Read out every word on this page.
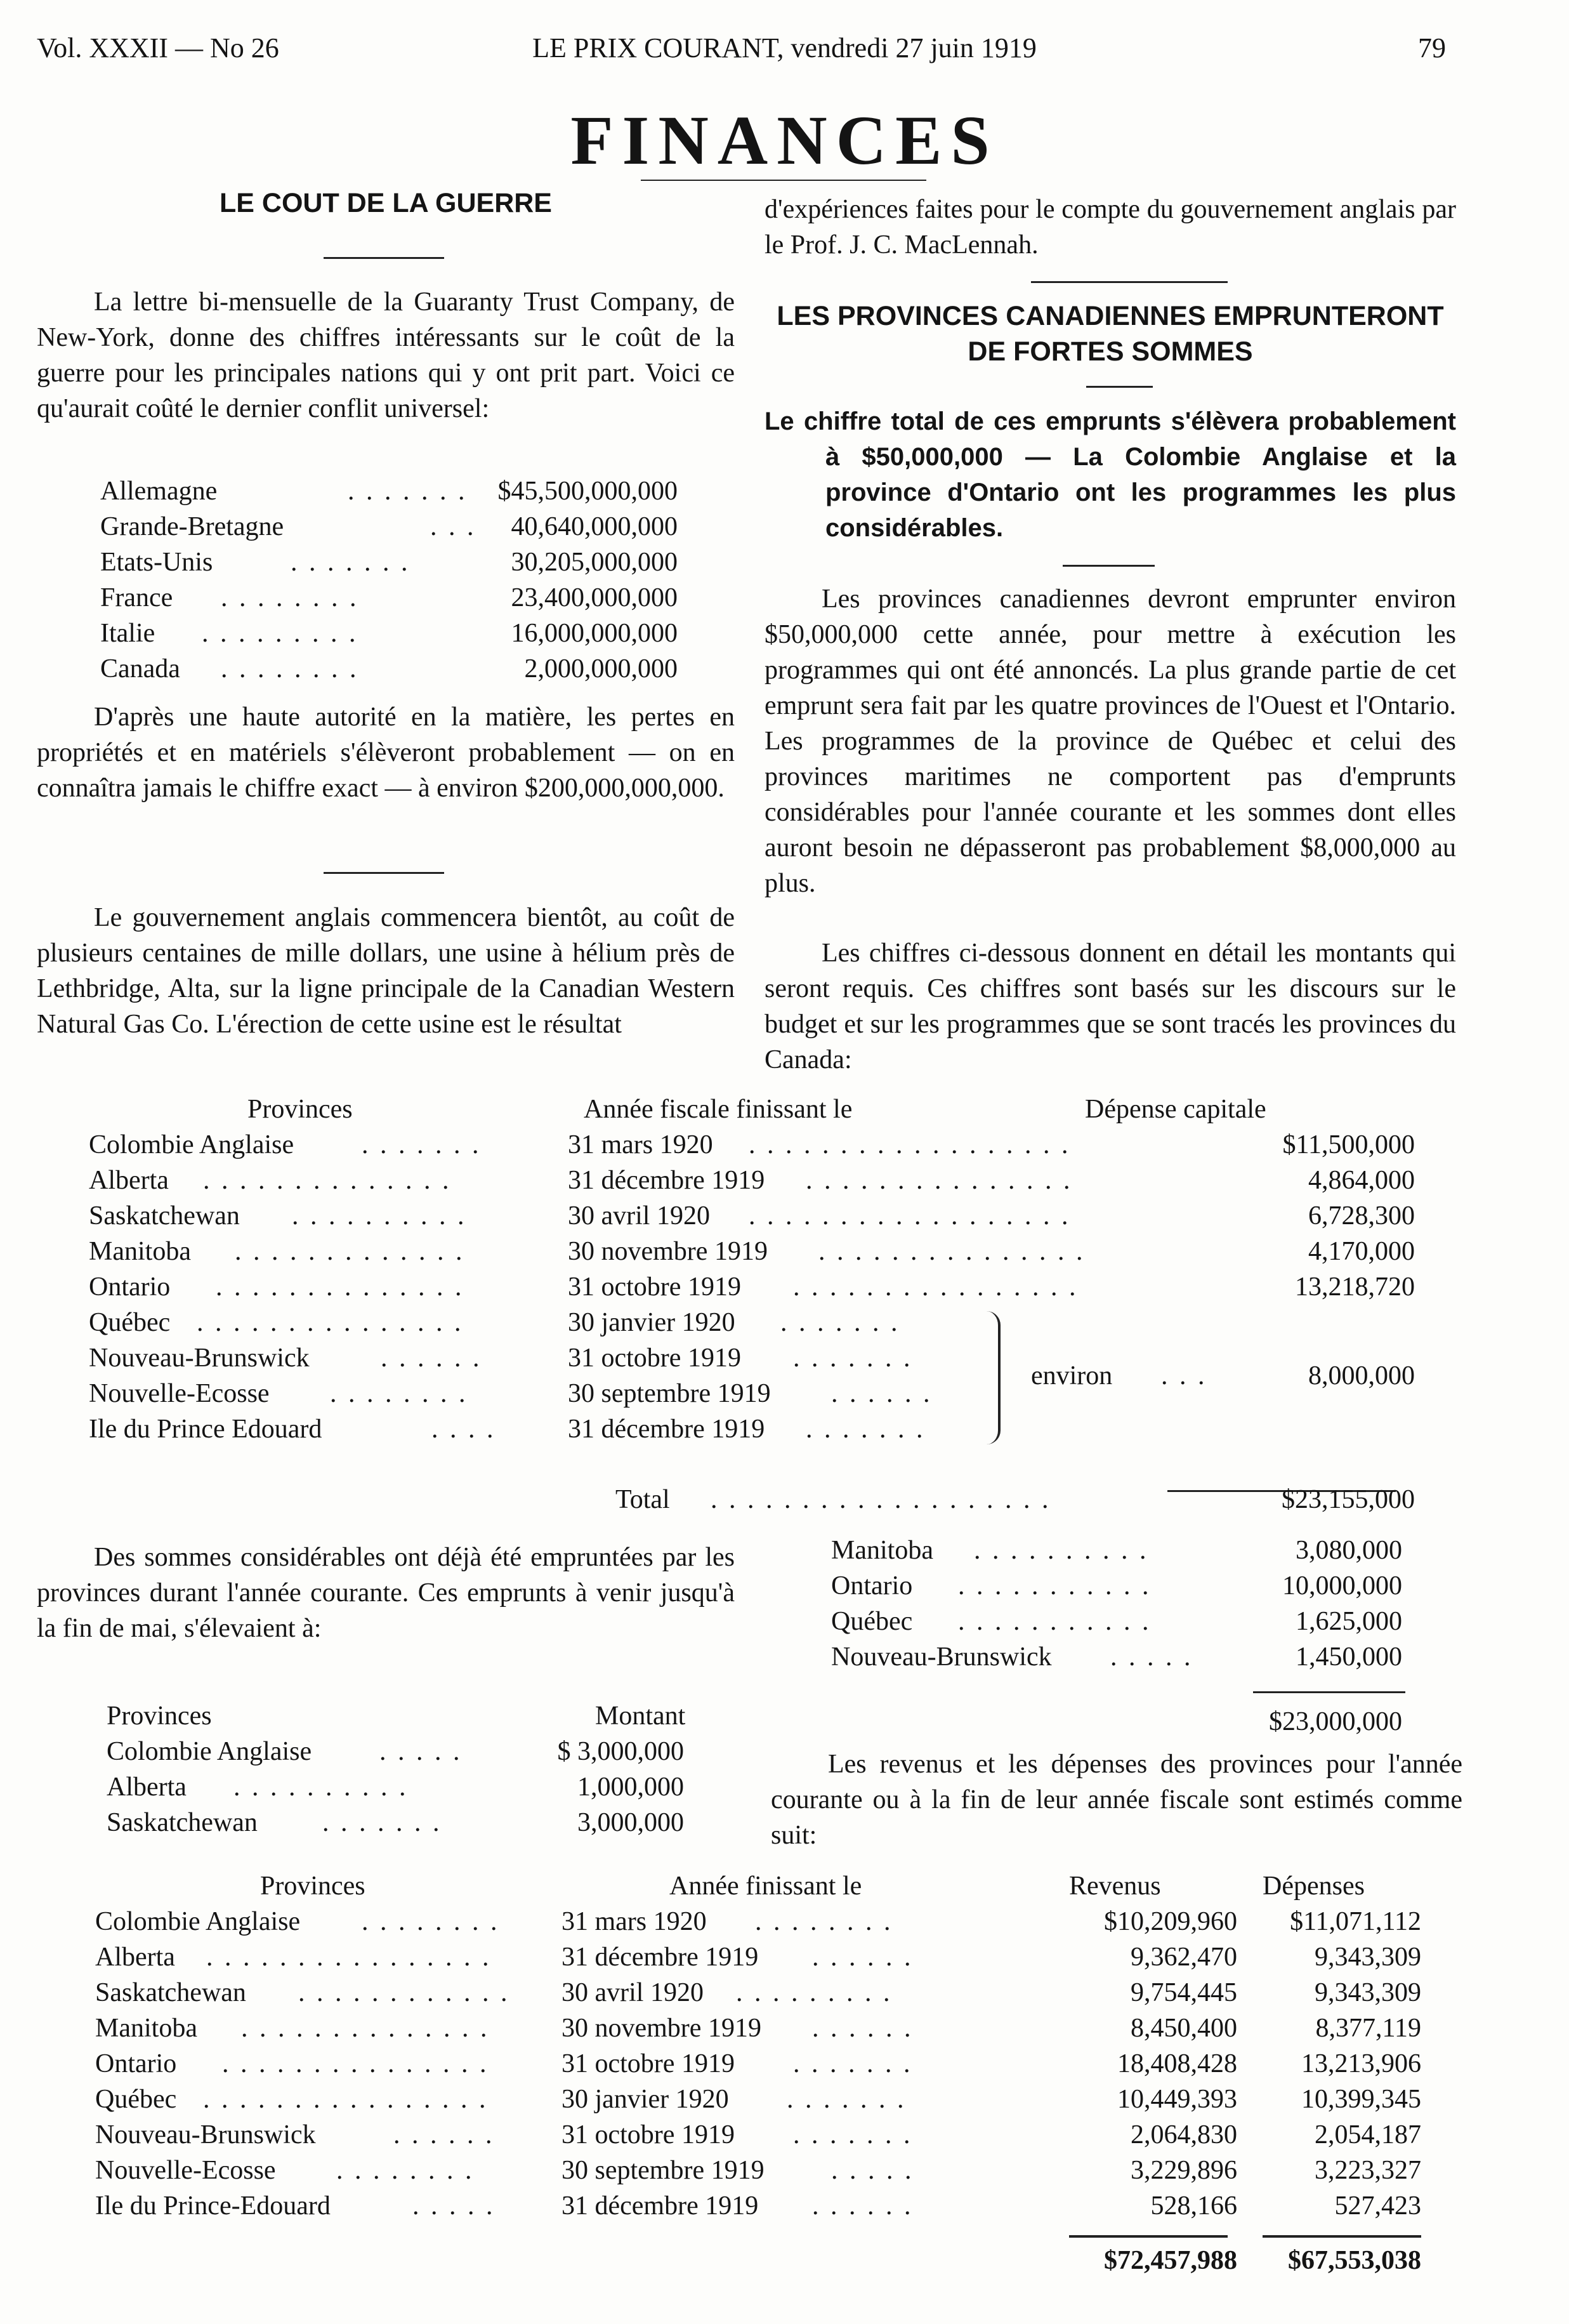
Vol. XXXII — No 26	LE PRIX COURANT, vendredi 27 juin 1919	79
FINANCES
LE COUT DE LA GUERRE

La lettre bi-mensuelle de la Guaranty Trust Company, de New-York, donne des chiffres intéressants sur le coût de la guerre pour les principales nations qui y ont prit part. Voici ce qu'aurait coûté le dernier conflit universel:

Allemagne	. . . . . . . $45,500,000,000
Grande-Bretagne	. . . 40,640,000,000
Etats-Unis	. . . . . . .	30,205,000,000
France . . . . . . . .	23,400,000,000
Italie . . . . . . . . .	16,000,000,000
Canada . . . . . . . .	2,000,000,000

D'après une haute autorité en la matière, les pertes en propriétés et en matériels s'élèveront probablement — on en connaîtra jamais le chiffre exact — à environ $200,000,000,000.

Le gouvernement anglais commencera bientôt, au coût de plusieurs centaines de mille dollars, une usine à hélium près de Lethbridge, Alta, sur la ligne principale de la Canadian Western Natural Gas Co. L'érection de cette usine est le résultat

d'expériences faites pour le compte du gouvernement anglais par le Prof. J. C. MacLennah.

LES PROVINCES CANADIENNES EMPRUNTERONT DE FORTES SOMMES

Le chiffre total de ces emprunts s'élèvera probablement à $50,000,000 — La Colombie Anglaise et la province d'Ontario ont les programmes les plus considérables.

Les provinces canadiennes devront emprunter environ $50,000,000 cette année, pour mettre à exécution les programmes qui ont été annoncés. La plus grande partie de cet emprunt sera fait par les quatre provinces de l'Ouest et l'Ontario. Les programmes de la province de Québec et celui des provinces maritimes ne comportent pas d'emprunts considérables pour l'année courante et les sommes dont elles auront besoin ne dépasseront pas probablement $8,000,000 au plus.

Les chiffres ci-dessous donnent en détail les montants qui seront requis. Ces chiffres sont basés sur les discours sur le budget et sur les programmes que se sont tracés les provinces du Canada:

Provinces	Année fiscale finissant le	Dépense capitale
Colombie Anglaise	. . . . . . .	31 mars 1920 . . . . . . . . . . . . . . . . . .	$11,500,000
Alberta . . . . . . . . . . . . . .	31 décembre 1919 . . . . . . . . . . . . . . .	4,864,000
Saskatchewan . . . . . . . . . .	30 avril 1920 . . . . . . . . . . . . . . . . . .	6,728,300
Manitoba . . . . . . . . . . . . .	30 novembre 1919 . . . . . . . . . . . . . . .	4,170,000
Ontario . . . . . . . . . . . . . .	31 octobre 1919 . . . . . . . . . . . . . . . .	13,218,720
Québec . . . . . . . . . . . . . . .	30 janvier 1920 . . . . . . .
Nouveau-Brunswick	. . . . . .	31 octobre 1919 . . . . . . .
Nouvelle-Ecosse . . . . . . . .	30 septembre 1919 . . . . . .
Ile du Prince Edouard	. . . .	31 décembre 1919 . . . . . . .
environ . . .	8,000,000
Total . . . . . . . . . . . . . . . . . . .	$23,155,000

Des sommes considérables ont déjà été empruntées par les provinces durant l'année courante. Ces emprunts à venir jusqu'à la fin de mai, s'élevaient à:

Provinces	Montant
Colombie Anglaise	. . . . .	$ 3,000,000
Alberta . . . . . . . . . .	1,000,000
Saskatchewan . . . . . . .	3,000,000
Manitoba . . . . . . . . . .	3,080,000
Ontario . . . . . . . . . . .	10,000,000
Québec . . . . . . . . . . .	1,625,000
Nouveau-Brunswick . . . . .	1,450,000
$23,000,000

Les revenus et les dépenses des provinces pour l'année courante ou à la fin de leur année fiscale sont estimés comme suit:

Provinces	Année finissant le	Revenus	Dépenses
Colombie Anglaise . . . . . . . . 31 mars 1920 . . . . . . . .	$10,209,960 $11,071,112
Alberta . . . . . . . . . . . . . . . .	31 décembre 1919 . . . . . .	9,362,470	9,343,309
Saskatchewan . . . . . . . . . . . . 30 avril 1920 . . . . . . . . .	9,754,445	9,343,309
Manitoba . . . . . . . . . . . . . .	30 novembre 1919 . . . . . .	8,450,400	8,377,119
Ontario . . . . . . . . . . . . . . .	31 octobre 1919 . . . . . . .	18,408,428 13,213,906
Québec . . . . . . . . . . . . . . . .	30 janvier 1920 . . . . . . .	10,449,393 10,399,345
Nouveau-Brunswick	. . . . . .	31 octobre 1919 . . . . . . .	2,064,830	2,054,187
Nouvelle-Ecosse . . . . . . . .	30 septembre 1919	. . . . .	3,229,896	3,223,327
Ile du Prince-Edouard	. . . . . 31 décembre 1919 . . . . . .	528,166	527,423
$72,457,988 $67,553,038
